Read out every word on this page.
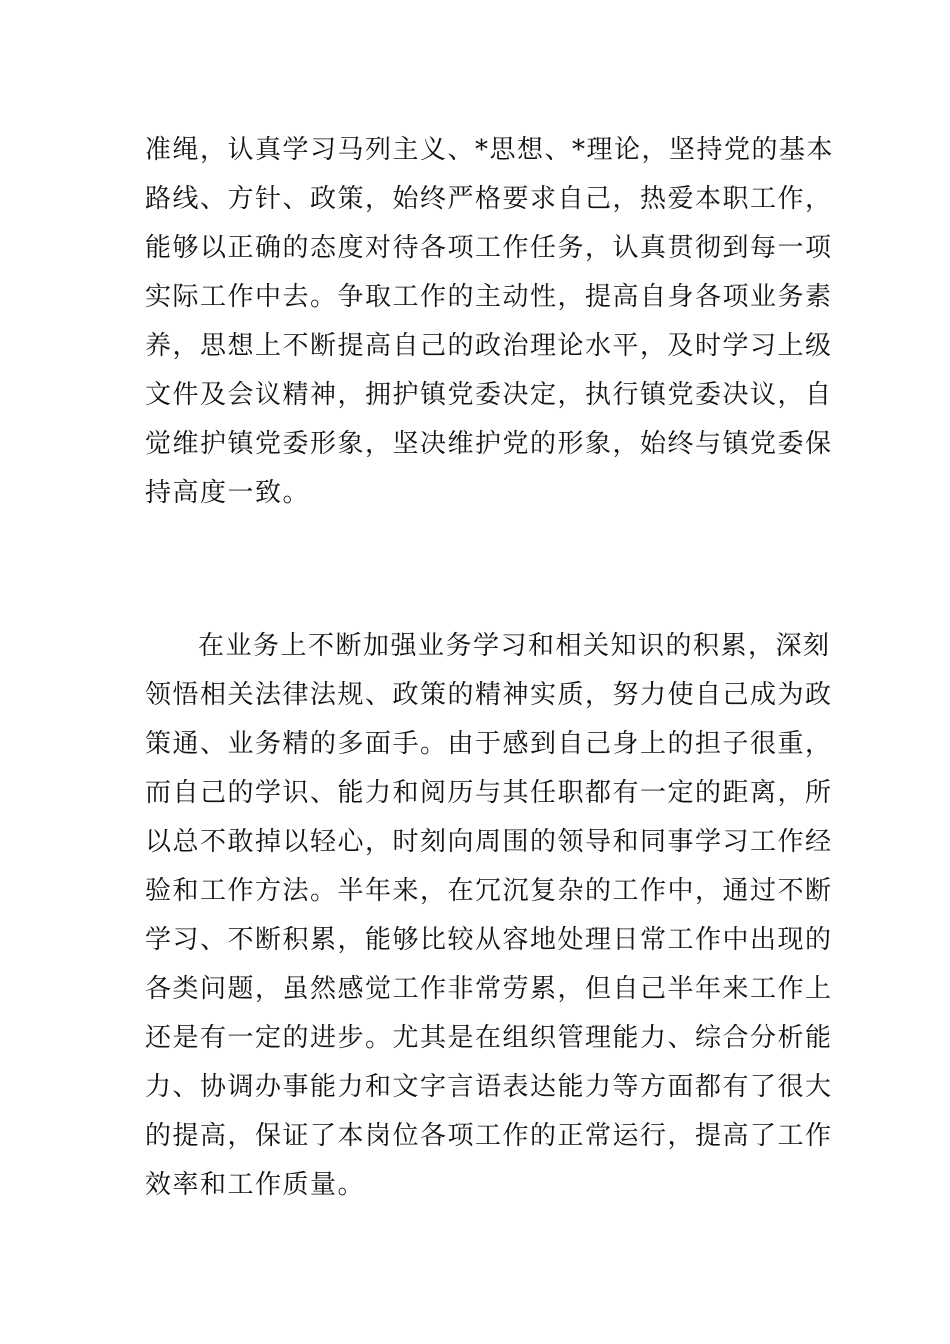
准绳，认真学习马列主义、*思想、*理论，坚持党的基本

路线、方针、政策，始终严格要求自己，热爱本职工作，

能够以正确的态度对待各项工作任务，认真贯彻到每一项

实际工作中去。争取工作的主动性，提高自身各项业务素

养，思想上不断提高自己的政治理论水平，及时学习上级

文件及会议精神，拥护镇党委决定，执行镇党委决议，自

觉维护镇党委形象，坚决维护党的形象，始终与镇党委保

持高度一致。

在业务上不断加强业务学习和相关知识的积累，深刻

领悟相关法律法规、政策的精神实质，努力使自己成为政

策通、业务精的多面手。由于感到自己身上的担子很重，

而自己的学识、能力和阅历与其任职都有一定的距离，所

以总不敢掉以轻心，时刻向周围的领导和同事学习工作经

验和工作方法。半年来，在冗沉复杂的工作中，通过不断

学习、不断积累，能够比较从容地处理日常工作中出现的

各类问题，虽然感觉工作非常劳累，但自己半年来工作上

还是有一定的进步。尤其是在组织管理能力、综合分析能

力、协调办事能力和文字言语表达能力等方面都有了很大

的提高，保证了本岗位各项工作的正常运行，提高了工作

效率和工作质量。
